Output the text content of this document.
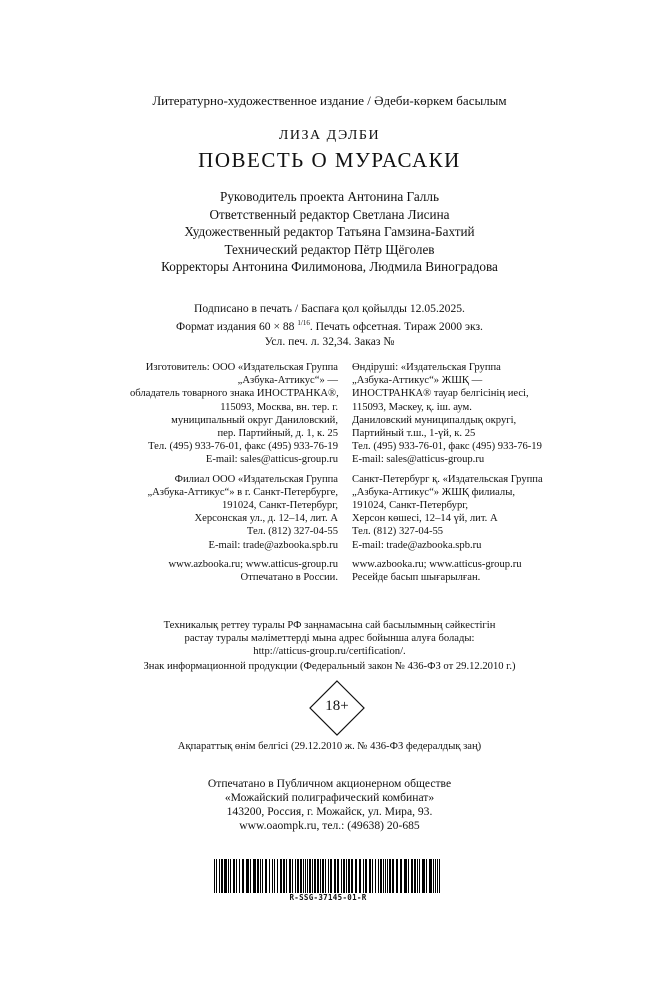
Литературно-художественное издание / Әдеби-көркем басылым
ЛИЗА ДЭЛБИ
ПОВЕСТЬ О МУРАСАКИ
Руководитель проекта Антонина Галль
Ответственный редактор Светлана Лисина
Художественный редактор Татьяна Гамзина-Бахтий
Технический редактор Пётр Щёголев
Корректоры Антонина Филимонова, Людмила Виноградова
Подписано в печать / Баспаға қол қойылды 12.05.2025.
Формат издания 60 × 88 $^{1/16}$. Печать офсетная. Тираж 2000 экз.
Усл. печ. л. 32,34. Заказ №
Изготовитель: ООО «Издательская Группа
„Азбука-Аттикус“» —
обладатель товарного знака ИНОСТРАНКА®,
115093, Москва, вн. тер. г.
муниципальный округ Даниловский,
пер. Партийный, д. 1, к. 25
Тел. (495) 933-76-01, факс (495) 933-76-19
E-mail: sales@atticus-group.ru
Филиал ООО «Издательская Группа
„Азбука-Аттикус“» в г. Санкт-Петербурге,
191024, Санкт-Петербург,
Херсонская ул., д. 12–14, лит. А
Тел. (812) 327-04-55
E-mail: trade@azbooka.spb.ru
www.azbooka.ru; www.atticus-group.ru
Отпечатано в России.
Өндіруші: «Издательская Группа
„Азбука-Аттикус“» ЖШҚ —
ИНОСТРАНКА® тауар белгісінің иесі,
115093, Мәскеу, қ. іш. аум.
Даниловский муниципалдық округі,
Партийный т.ш., 1-үй, к. 25
Тел. (495) 933-76-01, факс (495) 933-76-19
E-mail: sales@atticus-group.ru
Санкт-Петербург қ. «Издательская Группа
„Азбука-Аттикус“» ЖШҚ филиалы,
191024, Санкт-Петербург,
Херсон көшесі, 12–14 үй, лит. А
Тел. (812) 327-04-55
E-mail: trade@azbooka.spb.ru
www.azbooka.ru; www.atticus-group.ru
Ресейде басып шығарылған.
Техникалық реттеу туралы РФ заңнамасына сай басылымның сәйкестігін
растау туралы мәліметтерді мына адрес бойынша алуға болады:
http://atticus-group.ru/certification/.
Знак информационной продукции (Федеральный закон № 436-ФЗ от 29.12.2010 г.)
18+
Ақпараттық өнім белгісі (29.12.2010 ж. № 436-ФЗ федералдық заң)
Отпечатано в Публичном акционерном обществе
«Можайский полиграфический комбинат»
143200, Россия, г. Можайск, ул. Мира, 93.
www.oaompk.ru, тел.: (49638) 20-685
R-SSG-37145-01-R
